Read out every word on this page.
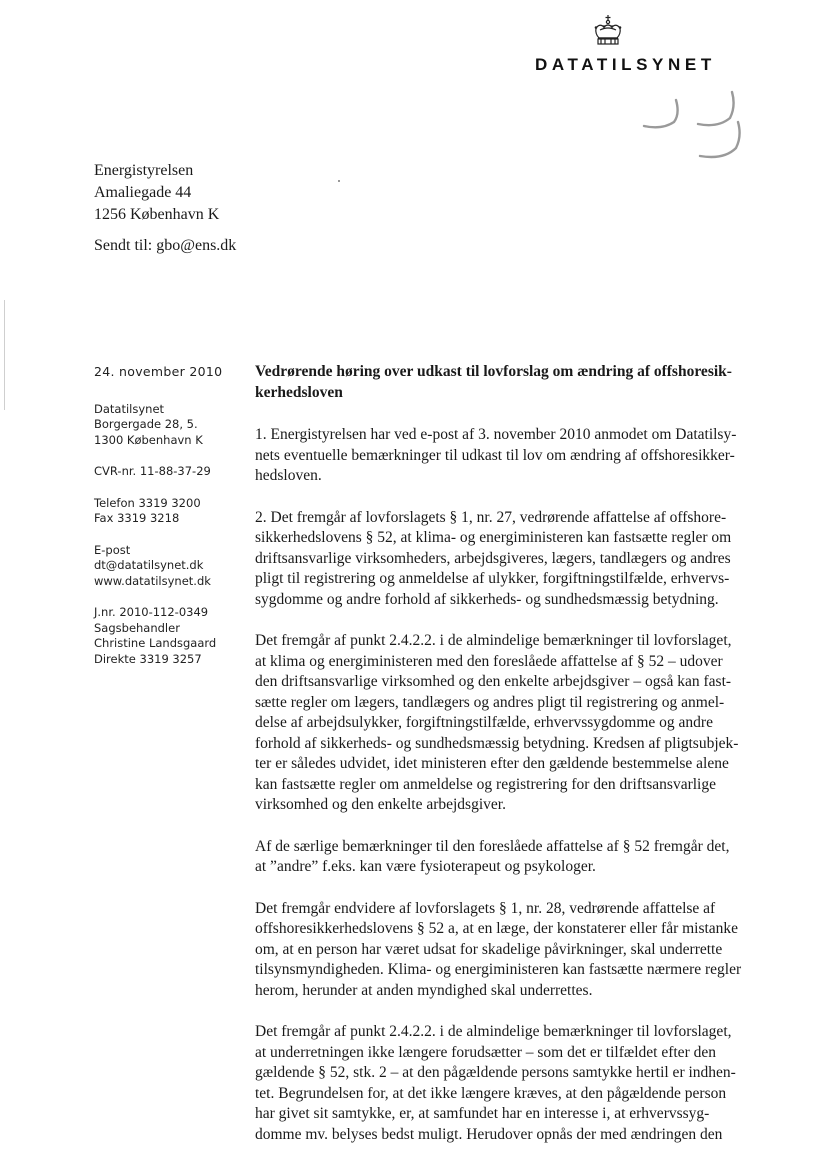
DATATILSYNET
Energistyrelsen
Amaliegade 44
1256 København K
Sendt til: gbo@ens.dk
24. november 2010
Datatilsynet
Borgergade 28, 5.
1300 København K
CVR-nr. 11-88-37-29
Telefon 3319 3200
Fax 3319 3218
E-post
dt@datatilsynet.dk
www.datatilsynet.dk
J.nr. 2010-112-0349
Sagsbehandler
Christine Landsgaard
Direkte 3319 3257
Vedrørende høring over udkast til lovforslag om ændring af offshoresik-
kerhedsloven

1. Energistyrelsen har ved e-post af 3. november 2010 anmodet om Datatilsy-
nets eventuelle bemærkninger til udkast til lov om ændring af offshoresikker-
hedsloven.

2. Det fremgår af lovforslagets § 1, nr. 27, vedrørende affattelse af offshore-
sikkerhedslovens § 52, at klima- og energiministeren kan fastsætte regler om
driftsansvarlige virksomheders, arbejdsgiveres, lægers, tandlægers og andres
pligt til registrering og anmeldelse af ulykker, forgiftningstilfælde, erhvervs-
sygdomme og andre forhold af sikkerheds- og sundhedsmæssig betydning.

Det fremgår af punkt 2.4.2.2. i de almindelige bemærkninger til lovforslaget,
at klima og energiministeren med den foreslåede affattelse af § 52 – udover
den driftsansvarlige virksomhed og den enkelte arbejdsgiver – også kan fast-
sætte regler om lægers, tandlægers og andres pligt til registrering og anmel-
delse af arbejdsulykker, forgiftningstilfælde, erhvervssygdomme og andre
forhold af sikkerheds- og sundhedsmæssig betydning. Kredsen af pligtsubjek-
ter er således udvidet, idet ministeren efter den gældende bestemmelse alene
kan fastsætte regler om anmeldelse og registrering for den driftsansvarlige
virksomhed og den enkelte arbejdsgiver.

Af de særlige bemærkninger til den foreslåede affattelse af § 52 fremgår det,
at ”andre” f.eks. kan være fysioterapeut og psykologer.

Det fremgår endvidere af lovforslagets § 1, nr. 28, vedrørende affattelse af
offshoresikkerhedslovens § 52 a, at en læge, der konstaterer eller får mistanke
om, at en person har været udsat for skadelige påvirkninger, skal underrette
tilsynsmyndigheden. Klima- og energiministeren kan fastsætte nærmere regler
herom, herunder at anden myndighed skal underrettes.

Det fremgår af punkt 2.4.2.2. i de almindelige bemærkninger til lovforslaget,
at underretningen ikke længere forudsætter – som det er tilfældet efter den
gældende § 52, stk. 2 – at den pågældende persons samtykke hertil er indhen-
tet. Begrundelsen for, at det ikke længere kræves, at den pågældende person
har givet sit samtykke, er, at samfundet har en interesse i, at erhvervssyg-
domme mv. belyses bedst muligt. Herudover opnås der med ændringen den
